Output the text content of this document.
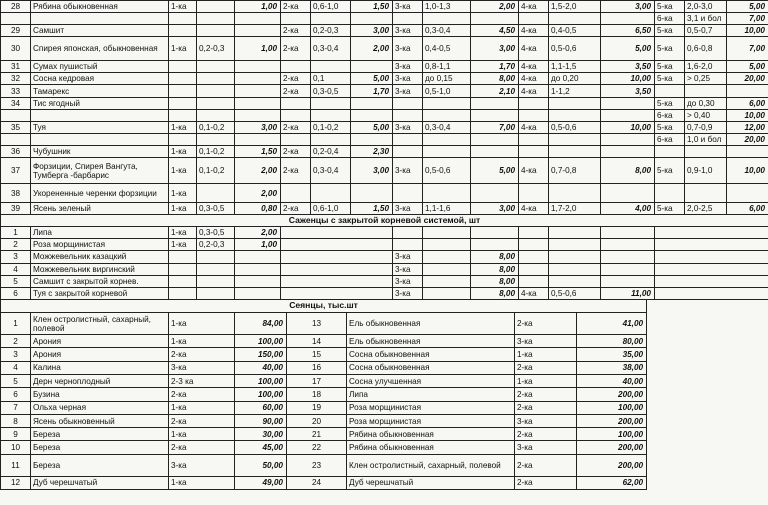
28	Рябина обыкновенная	1-ка		1,00	2-ка	0,6-1,0	1,50	3-ка	1,0-1,3	2,00	4-ка	1,5-2,0	3,00	5-ка	2,0-3,0	5,00
														6-ка	3,1 и бол	7,00
29	Самшит				2-ка	0,2-0,3	3,00	3-ка	0,3-0,4	4,50	4-ка	0,4-0,5	6,50	5-ка	0,5-0,7	10,00
30	Спирея японская, обыкновенная	1-ка	0,2-0,3	1,00	2-ка	0,3-0,4	2,00	3-ка	0,4-0,5	3,00	4-ка	0,5-0,6	5,00	5-ка	0,6-0,8	7,00
31	Сумах пушистый							3-ка	0,8-1,1	1,70	4-ка	1,1-1,5	3,50	5-ка	1,6-2,0	5,00
32	Сосна кедровая				2-ка	0,1	5,00	3-ка	до 0,15	8,00	4-ка	до 0,20	10,00	5-ка	> 0,25	20,00
33	Тамарекс				2-ка	0,3-0,5	1,70	3-ка	0,5-1,0	2,10	4-ка	1-1,2	3,50			
34	Тис ягодный													5-ка	до 0,30	6,00
														6-ка	> 0,40	10,00
35	Туя	1-ка	0,1-0,2	3,00	2-ка	0,1-0,2	5,00	3-ка	0,3-0,4	7,00	4-ка	0,5-0,6	10,00	5-ка	0,7-0,9	12,00
														6-ка	1,0 и бол	20,00
36	Чубушник	1-ка	0,1-0,2	1,50	2-ка	0,2-0,4	2,30									
37	Форзиции, Спирея Вангута, Тумберга -барбарис	1-ка	0,1-0,2	2,00	2-ка	0,3-0,4	3,00	3-ка	0,5-0,6	5,00	4-ка	0,7-0,8	8,00	5-ка	0,9-1,0	10,00
38	Укорененные черенки форзиции	1-ка		2,00												
39	Ясень зеленый	1-ка	0,3-0,5	0,80	2-ка	0,6-1,0	1,50	3-ка	1,1-1,6	3,00	4-ка	1,7-2,0	4,00	5-ка	2,0-2,5	6,00
Саженцы с закрытой корневой системой, шт																
1	Липа	1-ка	0,3-0,5	2,00												
2	Роза морщинистая	1-ка	0,2-0,3	1,00												
3	Можжевельник казацкий							3-ка		8,00						
4	Можжевельник виргинский							3-ка		8,00						
5	Самшит с закрытой корнев.							3-ка		8,00						
6	Туя с закрытой корневой							3-ка		8,00	4-ка	0,5-0,6	11,00			
Сеянцы, тыс.шт							
1	Клен остролистный, сахарный, полевой	1-ка	84,00	13	Ель обыкновенная	2-ка	41,00
2	Арония	1-ка	100,00	14	Ель обыкновенная	3-ка	80,00
3	Арония	2-ка	150,00	15	Сосна обыкновенная	1-ка	35,00
4	Калина	3-ка	40,00	16	Сосна обыкновенная	2-ка	38,00
5	Дерн черноплодный	2-3 ка	100,00	17	Сосна улучшенная	1-ка	40,00
6	Бузина	2-ка	100,00	18	Липа	2-ка	200,00
7	Ольха черная	1-ка	60,00	19	Роза морщинистая	2-ка	100,00
8	Ясень обыкновенный	2-ка	90,00	20	Роза морщинистая	3-ка	200,00
9	Береза	1-ка	30,00	21	Рябина обыкновенная	2-ка	100,00
10	Береза	2-ка	45,00	22	Рябина обыкновенная	3-ка	200,00
11	Береза	3-ка	50,00	23	Клен остролистный, сахарный, полевой	2-ка	200,00
12	Дуб черешчатый	1-ка	49,00	24	Дуб черешчатый	2-ка	62,00
